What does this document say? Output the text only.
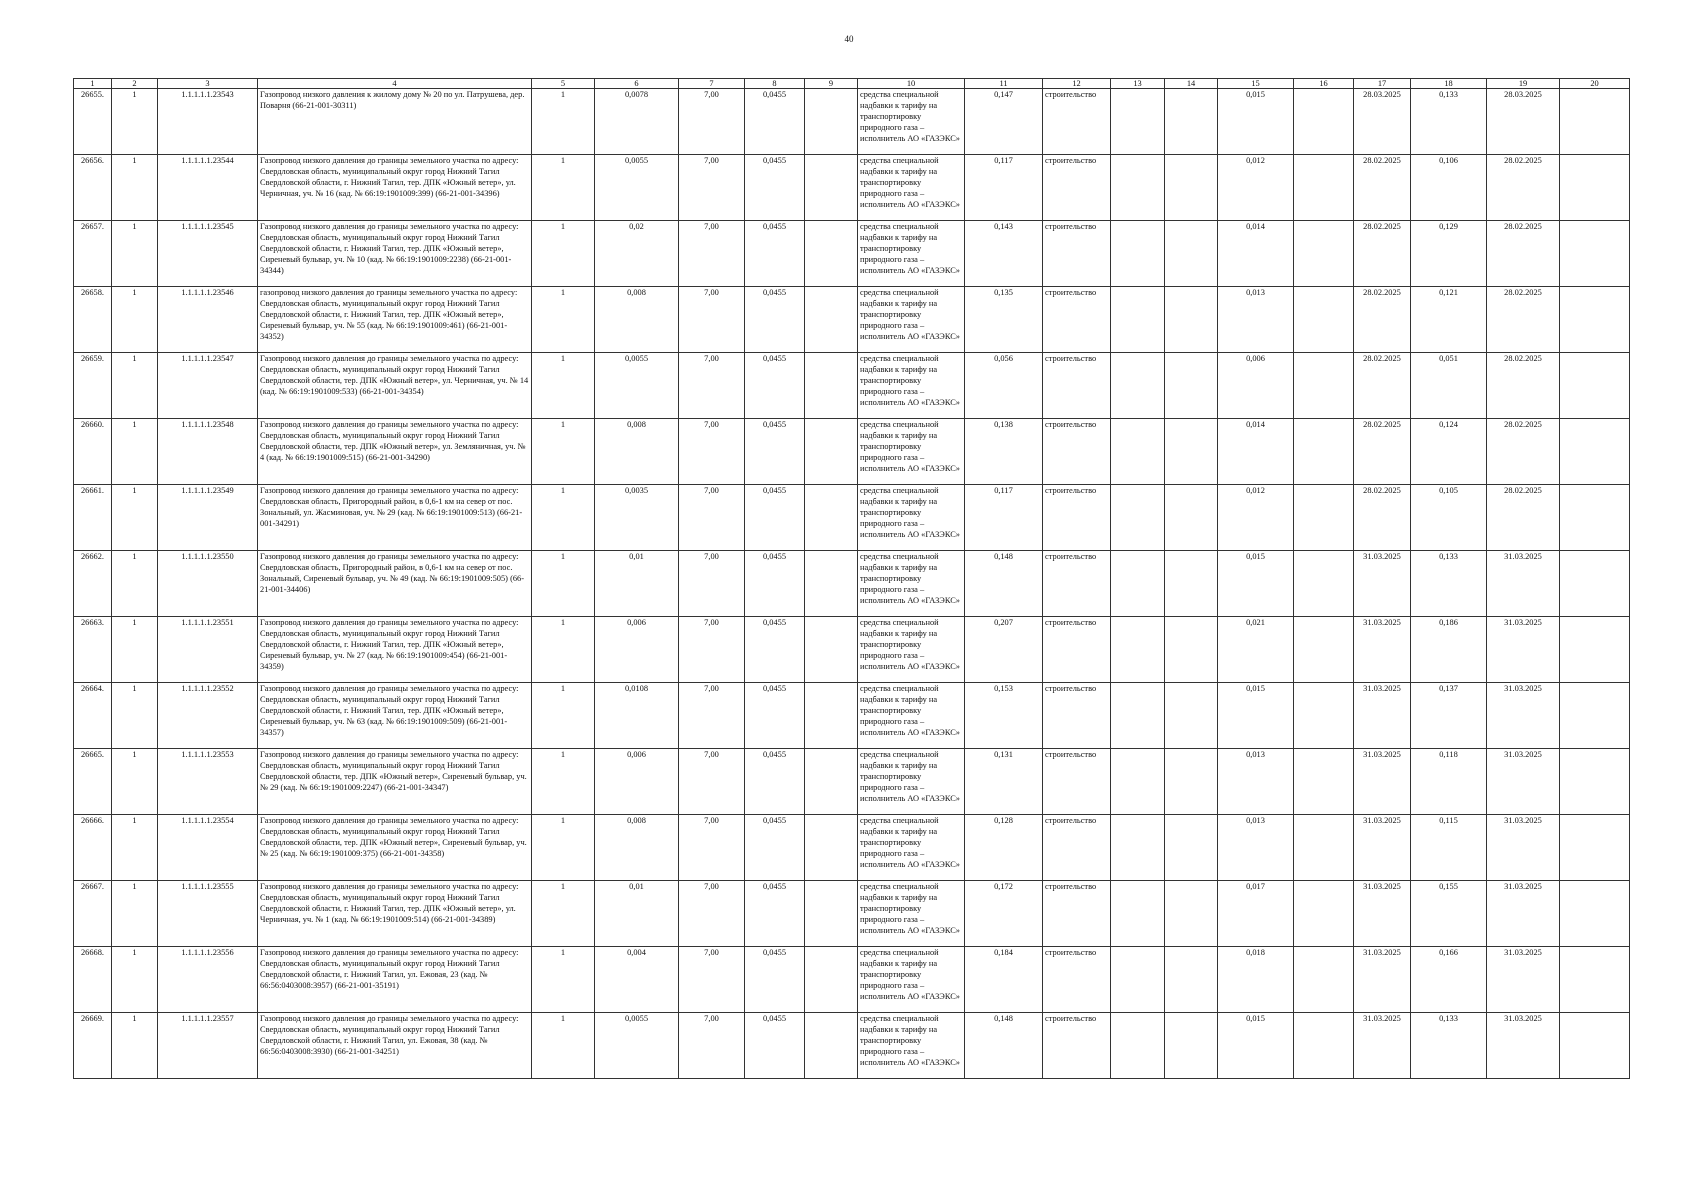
40
1	2	3	4	5	6	7	8	9	10	11	12	13	14	15	16	17	18	19	20
26655.	1	1.1.1.1.1.23543	Газопровод низкого давления к жилому дому № 20 по ул. Патрушева, дер. Поварня (66-21-001-30311)	1	0,0078	7,00	0,0455		средства специальной надбавки к тарифу на транспортировку природного газа – исполнитель АО «ГАЗЭКС»	0,147	строительство			0,015		28.03.2025	0,133	28.03.2025	
26656.	1	1.1.1.1.1.23544	Газопровод низкого давления до границы земельного участка по адресу: Свердловская область, муниципальный округ город Нижний Тагил Свердловской области, г. Нижний Тагил, тер. ДПК «Южный ветер», ул. Черничная, уч. № 16 (кад. № 66:19:1901009:399) (66-21-001-34396)	1	0,0055	7,00	0,0455		средства специальной надбавки к тарифу на транспортировку природного газа – исполнитель АО «ГАЗЭКС»	0,117	строительство			0,012		28.02.2025	0,106	28.02.2025	
26657.	1	1.1.1.1.1.23545	Газопровод низкого давления до границы земельного участка по адресу: Свердловская область, муниципальный округ город Нижний Тагил Свердловской области, г. Нижний Тагил, тер. ДПК «Южный ветер», Сиреневый бульвар, уч. № 10 (кад. № 66:19:1901009:2238) (66-21-001-34344)	1	0,02	7,00	0,0455		средства специальной надбавки к тарифу на транспортировку природного газа – исполнитель АО «ГАЗЭКС»	0,143	строительство			0,014		28.02.2025	0,129	28.02.2025	
26658.	1	1.1.1.1.1.23546	газопровод низкого давления до границы земельного участка по адресу: Свердловская область, муниципальный округ город Нижний Тагил Свердловской области, г. Нижний Тагил, тер. ДПК «Южный ветер», Сиреневый бульвар, уч. № 55 (кад. № 66:19:1901009:461) (66-21-001-34352)	1	0,008	7,00	0,0455		средства специальной надбавки к тарифу на транспортировку природного газа – исполнитель АО «ГАЗЭКС»	0,135	строительство			0,013		28.02.2025	0,121	28.02.2025	
26659.	1	1.1.1.1.1.23547	Газопровод низкого давления до границы земельного участка по адресу: Свердловская область, муниципальный округ город Нижний Тагил Свердловской области, тер. ДПК «Южный ветер», ул. Черничная, уч. № 14 (кад. № 66:19:1901009:533) (66-21-001-34354)	1	0,0055	7,00	0,0455		средства специальной надбавки к тарифу на транспортировку природного газа – исполнитель АО «ГАЗЭКС»	0,056	строительство			0,006		28.02.2025	0,051	28.02.2025	
26660.	1	1.1.1.1.1.23548	Газопровод низкого давления до границы земельного участка по адресу: Свердловская область, муниципальный округ город Нижний Тагил Свердловской области, тер. ДПК «Южный ветер», ул. Земляничная, уч. № 4 (кад. № 66:19:1901009:515) (66-21-001-34290)	1	0,008	7,00	0,0455		средства специальной надбавки к тарифу на транспортировку природного газа – исполнитель АО «ГАЗЭКС»	0,138	строительство			0,014		28.02.2025	0,124	28.02.2025	
26661.	1	1.1.1.1.1.23549	Газопровод низкого давления до границы земельного участка по адресу: Свердловская область, Пригородный район, в 0,6-1 км на север от пос. Зональный, ул. Жасминовая, уч. № 29 (кад. № 66:19:1901009:513) (66-21-001-34291)	1	0,0035	7,00	0,0455		средства специальной надбавки к тарифу на транспортировку природного газа – исполнитель АО «ГАЗЭКС»	0,117	строительство			0,012		28.02.2025	0,105	28.02.2025	
26662.	1	1.1.1.1.1.23550	Газопровод низкого давления до границы земельного участка по адресу: Свердловская область, Пригородный район, в 0,6-1 км на север от пос. Зональный, Сиреневый бульвар, уч. № 49 (кад. № 66:19:1901009:505) (66-21-001-34406)	1	0,01	7,00	0,0455		средства специальной надбавки к тарифу на транспортировку природного газа – исполнитель АО «ГАЗЭКС»	0,148	строительство			0,015		31.03.2025	0,133	31.03.2025	
26663.	1	1.1.1.1.1.23551	Газопровод низкого давления до границы земельного участка по адресу: Свердловская область, муниципальный округ город Нижний Тагил Свердловской области, г. Нижний Тагил, тер. ДПК «Южный ветер», Сиреневый бульвар, уч. № 27 (кад. № 66:19:1901009:454) (66-21-001-34359)	1	0,006	7,00	0,0455		средства специальной надбавки к тарифу на транспортировку природного газа – исполнитель АО «ГАЗЭКС»	0,207	строительство			0,021		31.03.2025	0,186	31.03.2025	
26664.	1	1.1.1.1.1.23552	Газопровод низкого давления до границы земельного участка по адресу: Свердловская область, муниципальный округ город Нижний Тагил Свердловской области, г. Нижний Тагил, тер. ДПК «Южный ветер», Сиреневый бульвар, уч. № 63 (кад. № 66:19:1901009:509) (66-21-001-34357)	1	0,0108	7,00	0,0455		средства специальной надбавки к тарифу на транспортировку природного газа – исполнитель АО «ГАЗЭКС»	0,153	строительство			0,015		31.03.2025	0,137	31.03.2025	
26665.	1	1.1.1.1.1.23553	Газопровод низкого давления до границы земельного участка по адресу: Свердловская область, муниципальный округ город Нижний Тагил Свердловской области, тер. ДПК «Южный ветер», Сиреневый бульвар, уч. № 29 (кад. № 66:19:1901009:2247) (66-21-001-34347)	1	0,006	7,00	0,0455		средства специальной надбавки к тарифу на транспортировку природного газа – исполнитель АО «ГАЗЭКС»	0,131	строительство			0,013		31.03.2025	0,118	31.03.2025	
26666.	1	1.1.1.1.1.23554	Газопровод низкого давления до границы земельного участка по адресу: Свердловская область, муниципальный округ город Нижний Тагил Свердловской области, тер. ДПК «Южный ветер», Сиреневый бульвар, уч. № 25 (кад. № 66:19:1901009:375) (66-21-001-34358)	1	0,008	7,00	0,0455		средства специальной надбавки к тарифу на транспортировку природного газа – исполнитель АО «ГАЗЭКС»	0,128	строительство			0,013		31.03.2025	0,115	31.03.2025	
26667.	1	1.1.1.1.1.23555	Газопровод низкого давления до границы земельного участка по адресу: Свердловская область, муниципальный округ город Нижний Тагил Свердловской области, г. Нижний Тагил, тер. ДПК «Южный ветер», ул. Черничная, уч. № 1 (кад. № 66:19:1901009:514) (66-21-001-34389)	1	0,01	7,00	0,0455		средства специальной надбавки к тарифу на транспортировку природного газа – исполнитель АО «ГАЗЭКС»	0,172	строительство			0,017		31.03.2025	0,155	31.03.2025	
26668.	1	1.1.1.1.1.23556	Газопровод низкого давления до границы земельного участка по адресу: Свердловская область, муниципальный округ город Нижний Тагил Свердловской области, г. Нижний Тагил, ул. Ежовая, 23 (кад. № 66:56:0403008:3957) (66-21-001-35191)	1	0,004	7,00	0,0455		средства специальной надбавки к тарифу на транспортировку природного газа – исполнитель АО «ГАЗЭКС»	0,184	строительство			0,018		31.03.2025	0,166	31.03.2025	
26669.	1	1.1.1.1.1.23557	Газопровод низкого давления до границы земельного участка по адресу: Свердловская область, муниципальный округ город Нижний Тагил Свердловской области, г. Нижний Тагил, ул. Ежовая, 38 (кад. № 66:56:0403008:3930) (66-21-001-34251)	1	0,0055	7,00	0,0455		средства специальной надбавки к тарифу на транспортировку природного газа – исполнитель АО «ГАЗЭКС»	0,148	строительство			0,015		31.03.2025	0,133	31.03.2025	
